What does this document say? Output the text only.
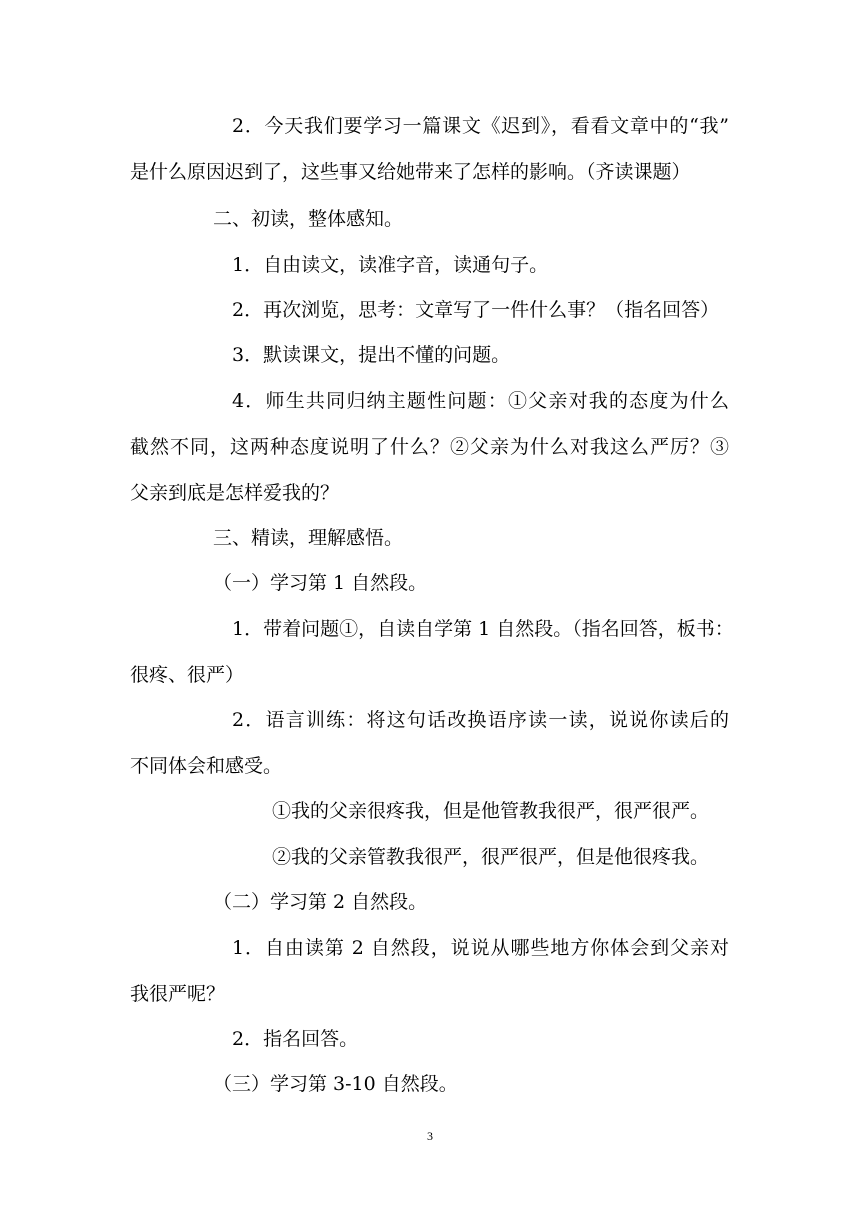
2．今天我们要学习一篇课文《迟到》，看看文章中的“我”
是什么原因迟到了，这些事又给她带来了怎样的影响。（齐读课题）
二、初读，整体感知。
1．自由读文，读准字音，读通句子。
2．再次浏览，思考：文章写了一件什么事？（指名回答）
3．默读课文，提出不懂的问题。
4．师生共同归纳主题性问题：①父亲对我的态度为什么
截然不同，这两种态度说明了什么？②父亲为什么对我这么严厉？③
父亲到底是怎样爱我的？
三、精读，理解感悟。
（一）学习第 1 自然段。
1．带着问题①，自读自学第 1 自然段。（指名回答，板书：
很疼、很严）
2．语言训练：将这句话改换语序读一读，说说你读后的
不同体会和感受。
①我的父亲很疼我，但是他管教我很严，很严很严。
②我的父亲管教我很严，很严很严，但是他很疼我。
（二）学习第 2 自然段。
1．自由读第 2 自然段，说说从哪些地方你体会到父亲对
我很严呢？
2．指名回答。
（三）学习第 3-10 自然段。
3
